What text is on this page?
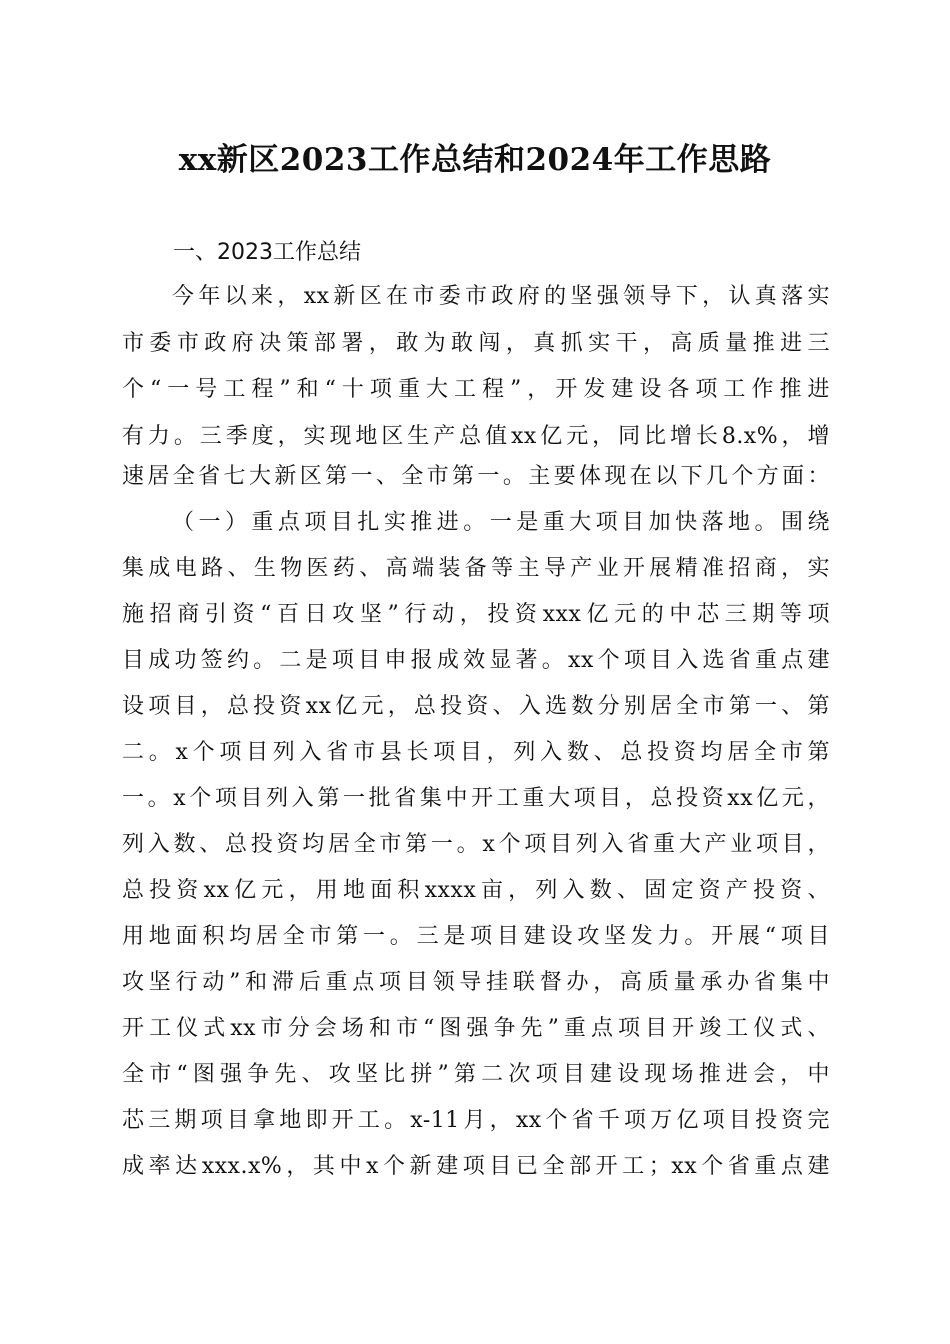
xx新区2023工作总结和2024年工作思路
一、2023工作总结
今年以来，xx新区在市委市政府的坚强领导下，认真落实
市委市政府决策部署，敢为敢闯，真抓实干，高质量推进三
个“一号工程”和“十项重大工程”，开发建设各项工作推进
有力。三季度，实现地区生产总值xx亿元，同比增长8.x%，增
速居全省七大新区第一、全市第一。主要体现在以下几个方面：
（一）重点项目扎实推进。一是重大项目加快落地。围绕
集成电路、生物医药、高端装备等主导产业开展精准招商，实
施招商引资“百日攻坚”行动，投资xxx亿元的中芯三期等项
目成功签约。二是项目申报成效显著。xx个项目入选省重点建
设项目，总投资xx亿元，总投资、入选数分别居全市第一、第
二。x个项目列入省市县长项目，列入数、总投资均居全市第
一。x个项目列入第一批省集中开工重大项目，总投资xx亿元，
列入数、总投资均居全市第一。x个项目列入省重大产业项目，
总投资xx亿元，用地面积xxxx亩，列入数、固定资产投资、
用地面积均居全市第一。三是项目建设攻坚发力。开展“项目
攻坚行动”和滞后重点项目领导挂联督办，高质量承办省集中
开工仪式xx市分会场和市“图强争先”重点项目开竣工仪式、
全市“图强争先、攻坚比拼”第二次项目建设现场推进会，中
芯三期项目拿地即开工。x-11月，xx个省千项万亿项目投资完
成率达xxx.x%，其中x个新建项目已全部开工；xx个省重点建
